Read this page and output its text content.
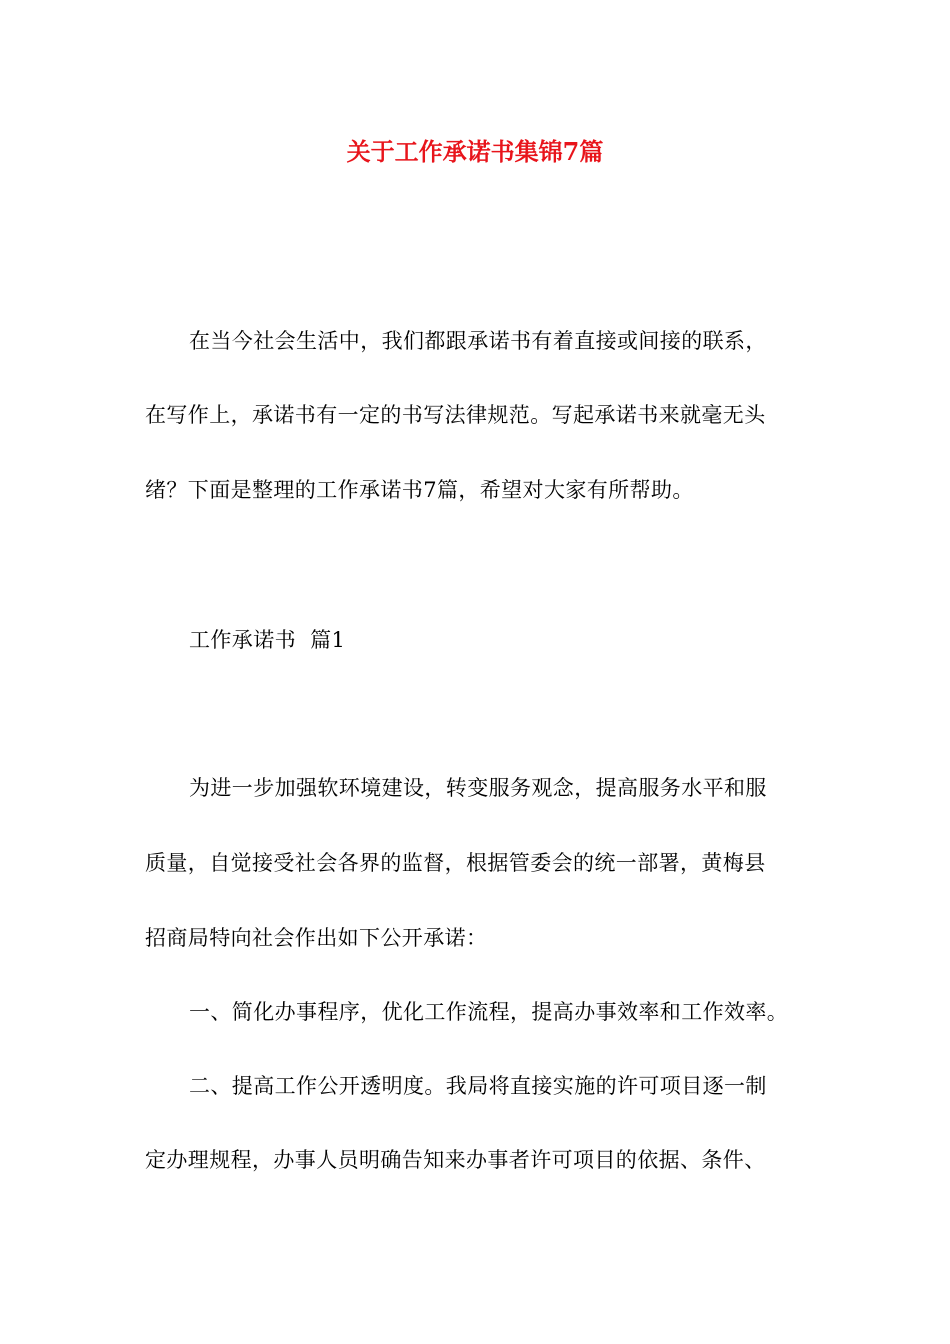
关于工作承诺书集锦7篇
在当今社会生活中，我们都跟承诺书有着直接或间接的联系，
在写作上，承诺书有一定的书写法律规范。写起承诺书来就毫无头
绪？下面是整理的工作承诺书7篇，希望对大家有所帮助。
工作承诺书  篇1
为进一步加强软环境建设，转变服务观念，提高服务水平和服
质量，自觉接受社会各界的监督，根据管委会的统一部署，黄梅县
招商局特向社会作出如下公开承诺：
一、简化办事程序，优化工作流程，提高办事效率和工作效率。
二、提高工作公开透明度。我局将直接实施的许可项目逐一制
定办理规程，办事人员明确告知来办事者许可项目的依据、条件、
